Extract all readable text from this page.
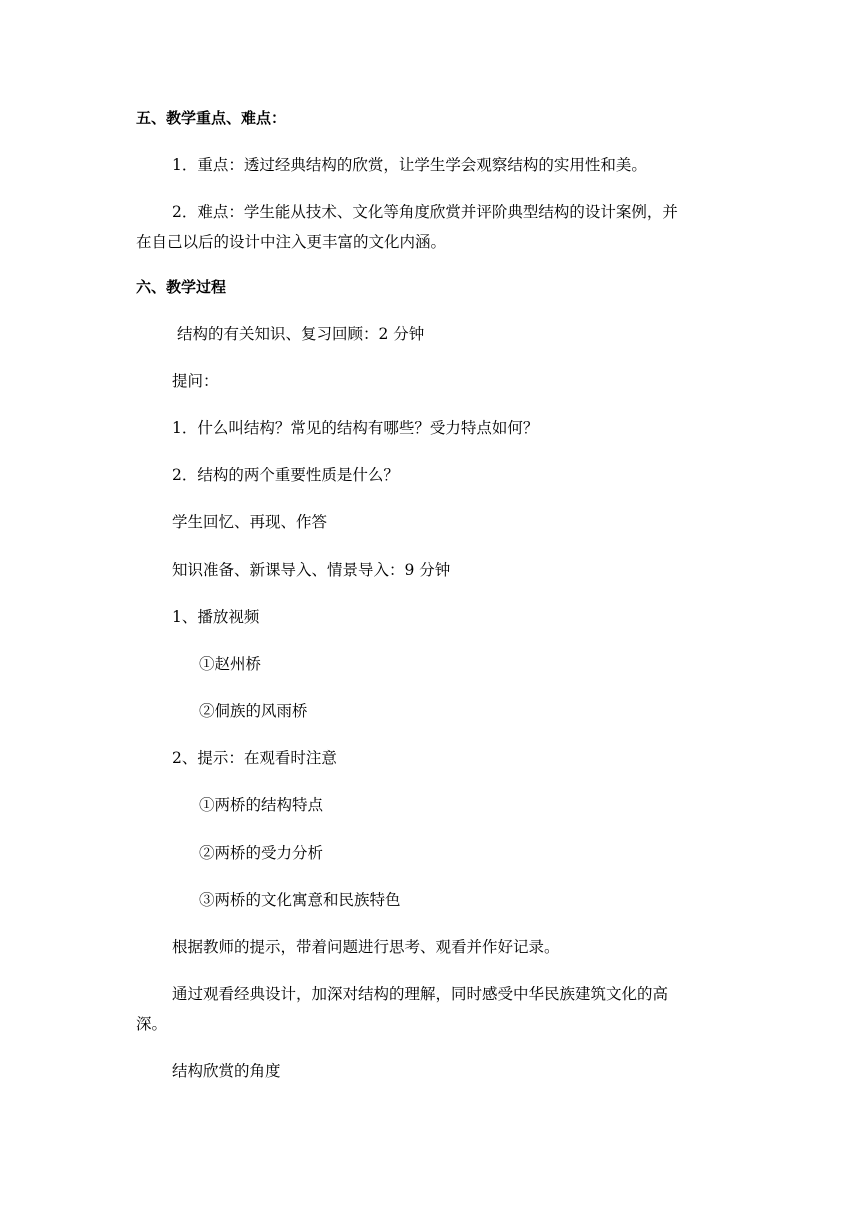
五、教学重点、难点：
1．重点：透过经典结构的欣赏，让学生学会观察结构的实用性和美。
2．难点：学生能从技术、文化等角度欣赏并评阶典型结构的设计案例，并
在自己以后的设计中注入更丰富的文化内涵。
六、教学过程
结构的有关知识、复习回顾：2 分钟
提问：
1．什么叫结构？常见的结构有哪些？受力特点如何？
2．结构的两个重要性质是什么？
学生回忆、再现、作答
知识准备、新课导入、情景导入：9 分钟
1、播放视频
①赵州桥
②侗族的风雨桥
2、提示：在观看时注意
①两桥的结构特点
②两桥的受力分析
③两桥的文化寓意和民族特色
根据教师的提示，带着问题进行思考、观看并作好记录。
通过观看经典设计，加深对结构的理解，同时感受中华民族建筑文化的高
深。
结构欣赏的角度
